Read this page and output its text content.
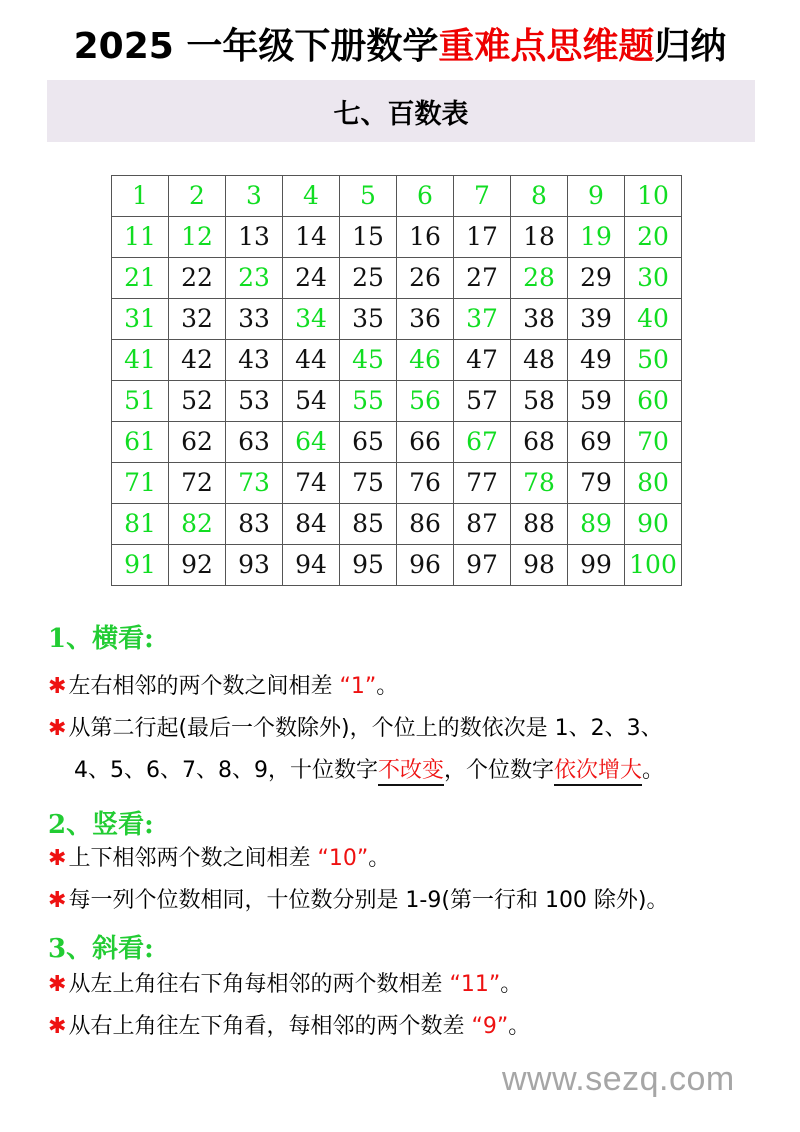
2025 一年级下册数学重难点思维题归纳
七、百数表
1	2	3	4	5	6	7	8	9	10
11	12	13	14	15	16	17	18	19	20
21	22	23	24	25	26	27	28	29	30
31	32	33	34	35	36	37	38	39	40
41	42	43	44	45	46	47	48	49	50
51	52	53	54	55	56	57	58	59	60
61	62	63	64	65	66	67	68	69	70
71	72	73	74	75	76	77	78	79	80
81	82	83	84	85	86	87	88	89	90
91	92	93	94	95	96	97	98	99	100
1、横看:
✱左右相邻的两个数之间相差 “1”。
✱从第二行起(最后一个数除外)，个位上的数依次是 1、2、3、
4、5、6、7、8、9，十位数字不改变，个位数字依次增大。
2、竖看:
✱上下相邻两个数之间相差 “10”。
✱每一列个位数相同，十位数分别是 1-9(第一行和 100 除外)。
3、斜看:
✱从左上角往右下角每相邻的两个数相差 “11”。
✱从右上角往左下角看，每相邻的两个数差 “9”。
www.sezq.com
